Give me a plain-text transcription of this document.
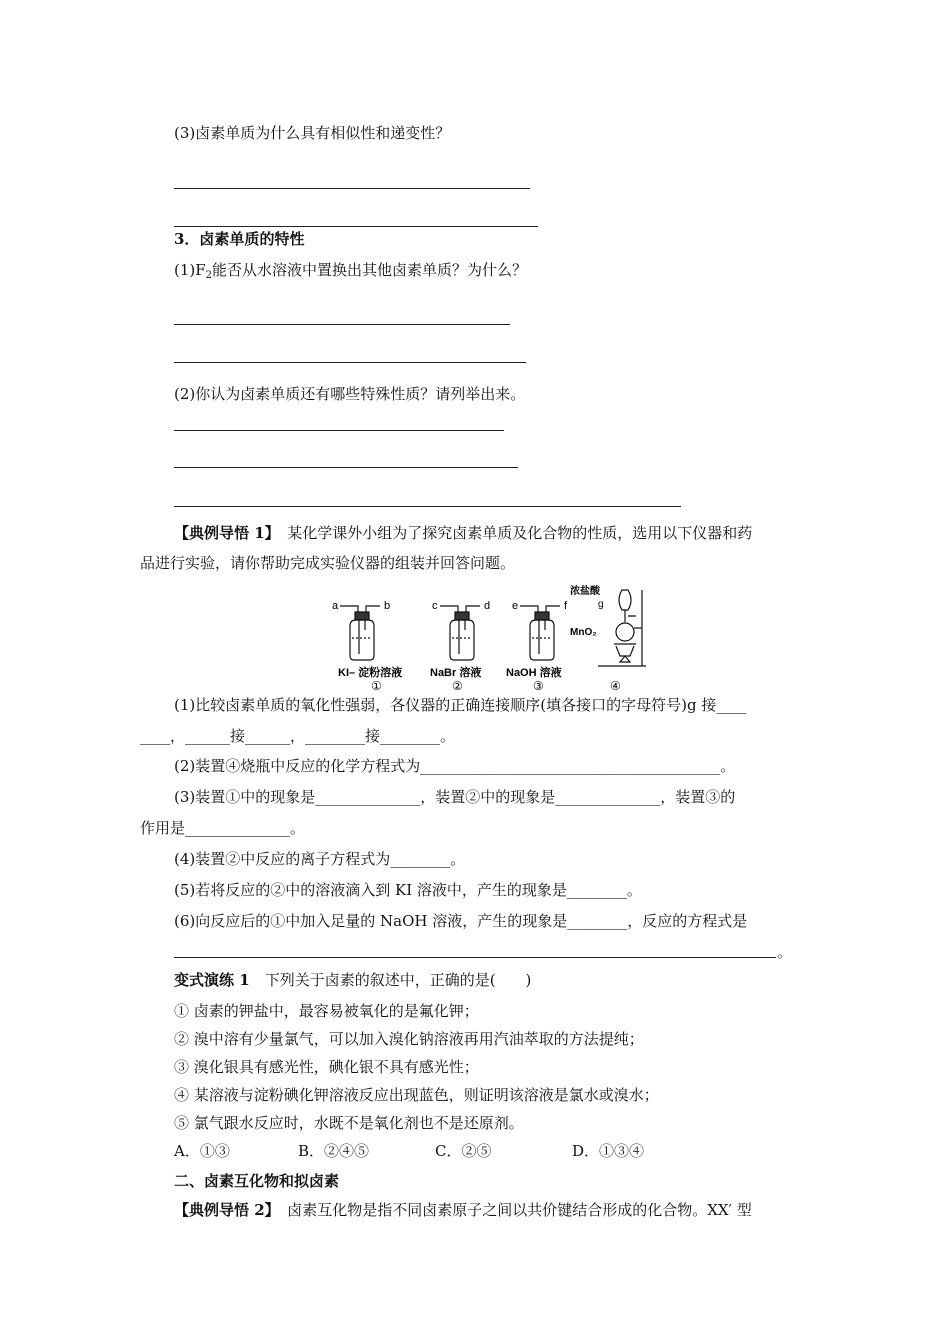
(3)卤素单质为什么具有相似性和递变性？
3．卤素单质的特性
$(1)F_2$能否从水溶液中置换出其他卤素单质？为什么？
(2)你认为卤素单质还有哪些特殊性质？请列举出来。
【典例导悟 1】　 某化学课外小组为了探究卤素单质及化合物的性质，选用以下仪器和药
品进行实验，请你帮助完成实验仪器的组装并回答问题。
a	b	c	d e	f	g
浓盐酸
MnO₂
KI– 淀粉溶液	NaBr 溶液 NaOH 溶液
①	②	③	④
(1)比较卤素单质的氧化性强弱，各仪器的正确连接顺序(填各接口的字母符号)g 接____
____，______接______，________接________。
(2)装置④烧瓶中反应的化学方程式为________________________________________。
(3)装置①中的现象是______________，装置②中的现象是______________，装置③的
作用是______________。
(4)装置②中反应的离子方程式为________。
(5)若将反应的②中的溶液滴入到 KI 溶液中，产生的现象是________。
(6)向反应后的①中加入足量的 NaOH 溶液，产生的现象是________，反应的方程式是
。
变式演练 1　 下列关于卤素的叙述中，正确的是(　　)
① 卤素的钾盐中，最容易被氧化的是氟化钾；
② 溴中溶有少量氯气，可以加入溴化钠溶液再用汽油萃取的方法提纯；
③ 溴化银具有感光性，碘化银不具有感光性；
④ 某溶液与淀粉碘化钾溶液反应出现蓝色，则证明该溶液是氯水或溴水；
⑤ 氯气跟水反应时，水既不是氧化剂也不是还原剂。
A．①③	B．②④⑤	C．②⑤	D．①③④
二、卤素互化物和拟卤素
【典例导悟 2】　 卤素互化物是指不同卤素原子之间以共价键结合形成的化合物。XX′ 型
